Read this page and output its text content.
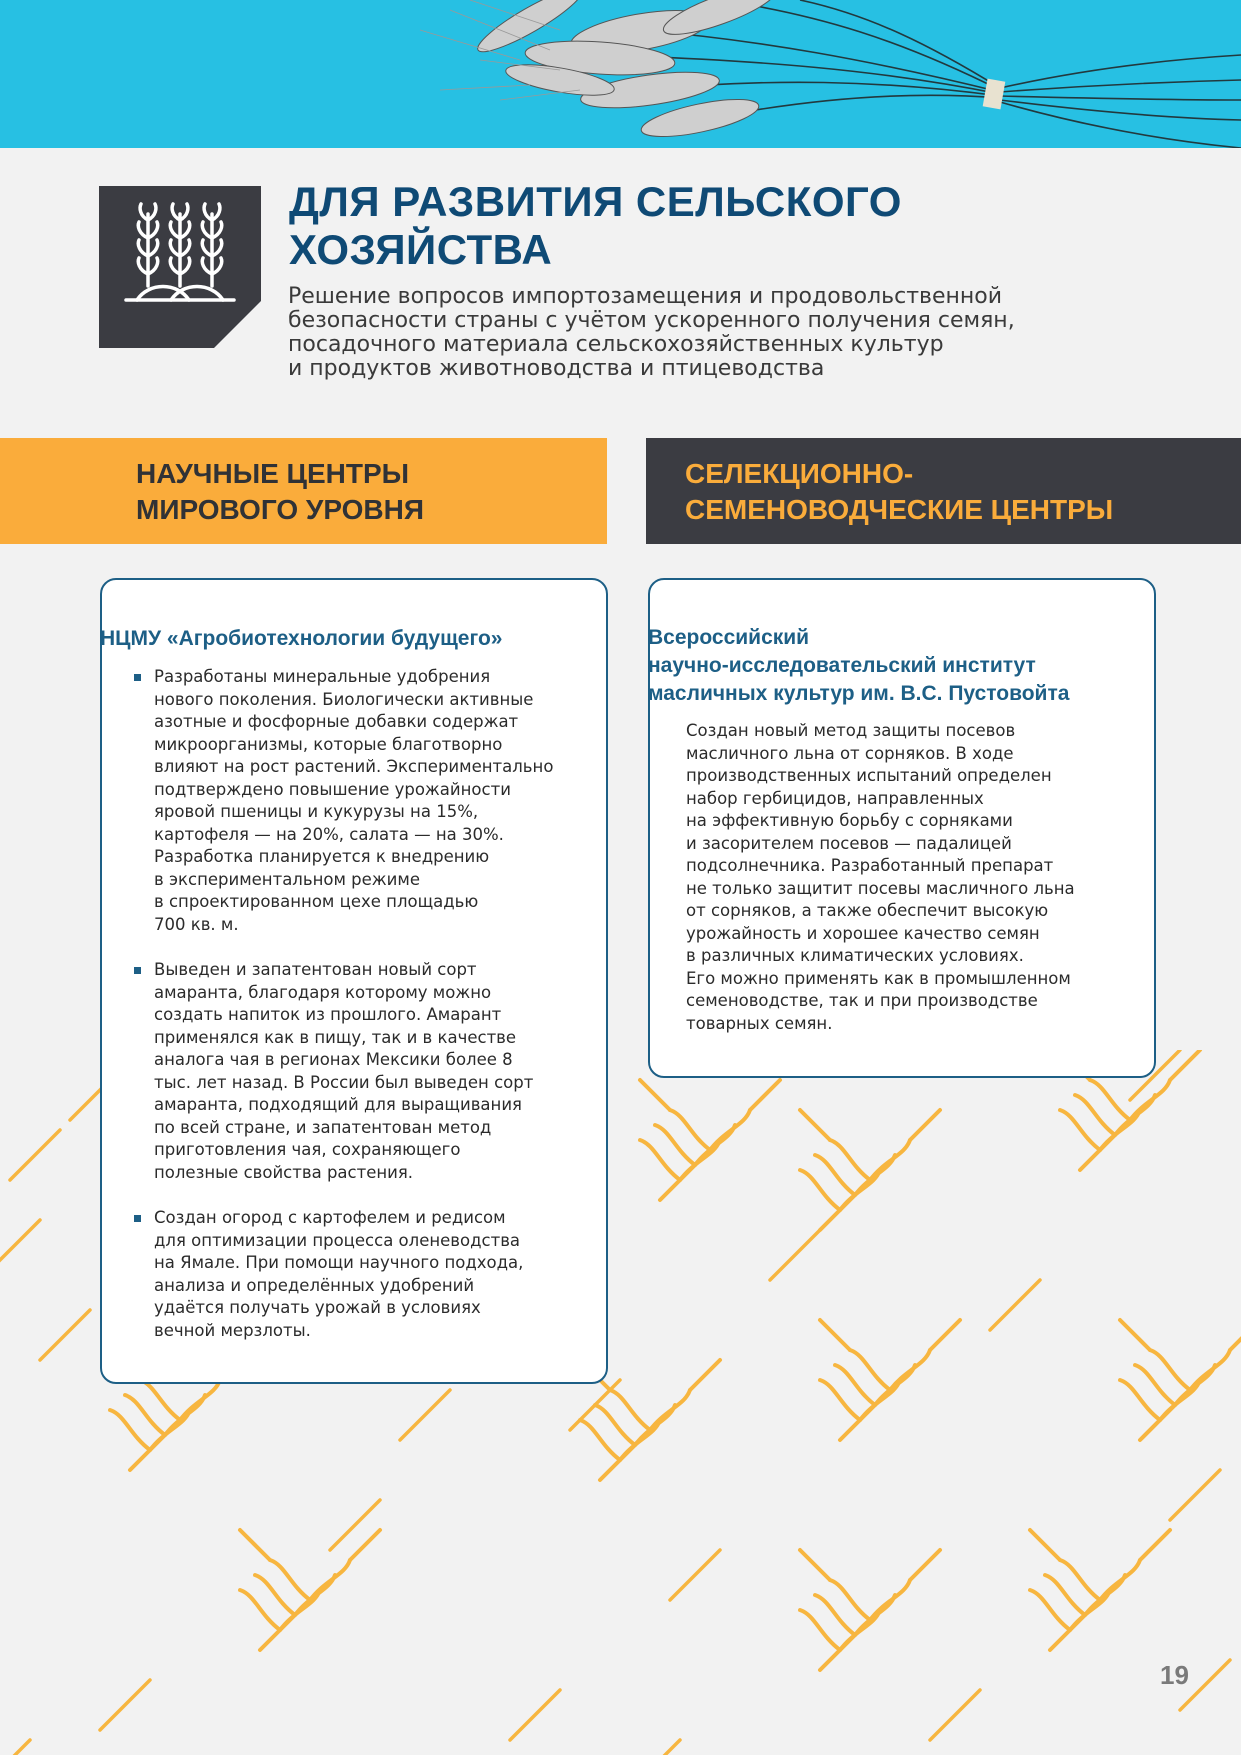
ДЛЯ РАЗВИТИЯ СЕЛЬСКОГО
ХОЗЯЙСТВА
Решение вопросов импортозамещения и продовольственной
безопасности страны с учётом ускоренного получения семян,
посадочного материала сельскохозяйственных культур
и продуктов животноводства и птицеводства
НАУЧНЫЕ ЦЕНТРЫ
МИРОВОГО УРОВНЯ
СЕЛЕКЦИОННО-
СЕМЕНОВОДЧЕСКИЕ ЦЕНТРЫ
НЦМУ «Агробиотехнологии будущего»
Разработаны минеральные удобрения
нового поколения. Биологически активные
азотные и фосфорные добавки содержат
микроорганизмы, которые благотворно
влияют на рост растений. Экспериментально
подтверждено повышение урожайности
яровой пшеницы и кукурузы на 15%,
картофеля — на 20%, салата — на 30%.
Разработка планируется к внедрению
в экспериментальном режиме
в спроектированном цехе площадью
700 кв. м.
Выведен и запатентован новый сорт
амаранта, благодаря которому можно
создать напиток из прошлого. Амарант
применялся как в пищу, так и в качестве
аналога чая в регионах Мексики более 8
тыс. лет назад. В России был выведен сорт
амаранта, подходящий для выращивания
по всей стране, и запатентован метод
приготовления чая, сохраняющего
полезные свойства растения.
Создан огород с картофелем и редисом
для оптимизации процесса оленеводства
на Ямале. При помощи научного подхода,
анализа и определённых удобрений
удаётся получать урожай в условиях
вечной мерзлоты.
Всероссийский
научно-исследовательский институт
масличных культур им. В.С. Пустовойта
Создан новый метод защиты посевов
масличного льна от сорняков. В ходе
производственных испытаний определен
набор гербицидов, направленных
на эффективную борьбу с сорняками
и засорителем посевов — падалицей
подсолнечника. Разработанный препарат
не только защитит посевы масличного льна
от сорняков, а также обеспечит высокую
урожайность и хорошее качество семян
в различных климатических условиях.
Его можно применять как в промышленном
семеноводстве, так и при производстве
товарных семян.
19
